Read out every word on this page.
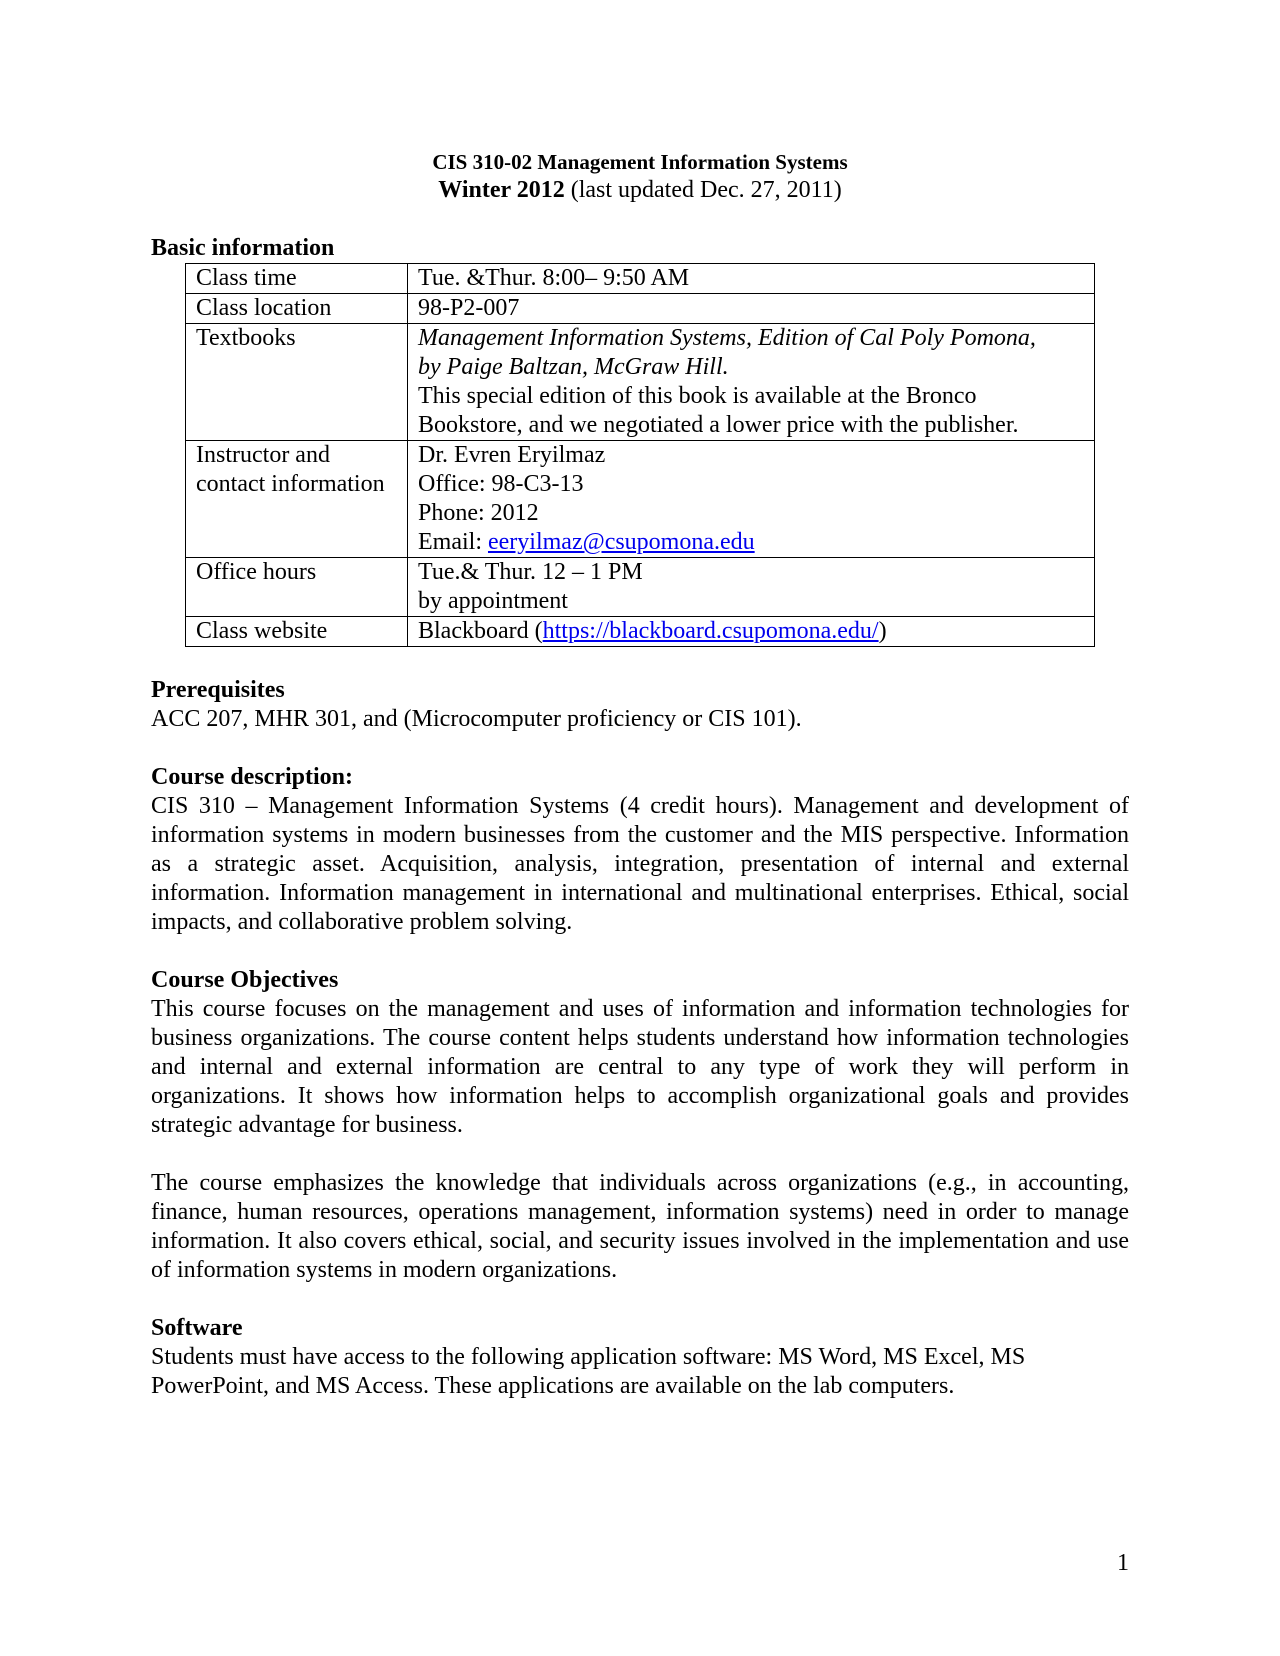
CIS 310-02 Management Information Systems
Winter 2012 (last updated Dec. 27, 2011)
Basic information
Class time	Tue. &Thur. 8:00– 9:50 AM
Class location	98-P2-007
Textbooks	Management Information Systems, Edition of Cal Poly Pomona,
by Paige Baltzan, McGraw Hill.
This special edition of this book is available at the Bronco
Bookstore, and we negotiated a lower price with the publisher.

Instructor and
contact information	Dr. Evren Eryilmaz
Office: 98-C3-13
Phone: 2012
Email: eeryilmaz@csupomona.edu

Office hours	Tue.& Thur. 12 – 1 PM
by appointment

Class website	Blackboard (https://blackboard.csupomona.edu/)
Prerequisites
ACC 207, MHR 301, and (Microcomputer proficiency or CIS 101).
Course description:
CIS 310 – Management Information Systems (4 credit hours). Management and development of information systems in modern businesses from the customer and the MIS perspective. Information as a strategic asset. Acquisition, analysis, integration, presentation of internal and external information. Information management in international and multinational enterprises. Ethical, social impacts, and collaborative problem solving.
Course Objectives
This course focuses on the management and uses of information and information technologies for business organizations. The course content helps students understand how information technologies and internal and external information are central to any type of work they will perform in organizations. It shows how information helps to accomplish organizational goals and provides strategic advantage for business.
The course emphasizes the knowledge that individuals across organizations (e.g., in accounting, finance, human resources, operations management, information systems) need in order to manage information. It also covers ethical, social, and security issues involved in the implementation and use of information systems in modern organizations.
Software
Students must have access to the following application software: MS Word, MS Excel, MS
PowerPoint, and MS Access. These applications are available on the lab computers.
1
